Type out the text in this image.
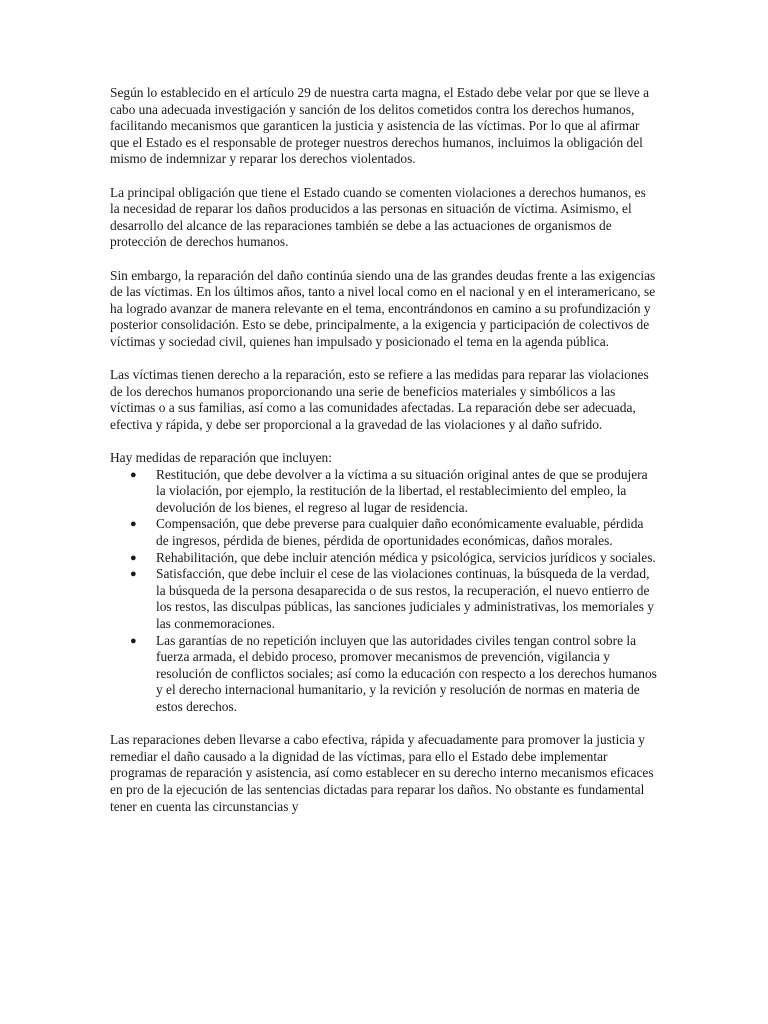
Según lo establecido en el artículo 29 de nuestra carta magna, el Estado debe velar por que se lleve a cabo una adecuada investigación y sanción de los delitos cometidos contra los derechos humanos, facilitando mecanismos que garanticen la justicia y asistencia de las víctimas. Por lo que al afirmar que el Estado es el responsable de proteger nuestros derechos humanos, incluimos la obligación del mismo de indemnizar y reparar los derechos violentados.

La principal obligación que tiene el Estado cuando se comenten violaciones a derechos humanos, es la necesidad de reparar los daños producidos a las personas en situación de víctima. Asimismo, el desarrollo del alcance de las reparaciones también se debe a las actuaciones de organismos de protección de derechos humanos.

Sin embargo, la reparación del daño continúa siendo una de las grandes deudas frente a las exigencias de las víctimas. En los últimos años, tanto a nivel local como en el nacional y en el interamericano, se ha logrado avanzar de manera relevante en el tema, encontrándonos en camino a su profundización y posterior consolidación. Esto se debe, principalmente, a la exigencia y participación de colectivos de víctimas y sociedad civil, quienes han impulsado y posicionado el tema en la agenda pública.

Las víctimas tienen derecho a la reparación, esto se refiere a las medidas para reparar las violaciones de los derechos humanos proporcionando una serie de beneficios materiales y simbólicos a las víctimas o a sus familias, así como a las comunidades afectadas. La reparación debe ser adecuada, efectiva y rápida, y debe ser proporcional a la gravedad de las violaciones y al daño sufrido.

Hay medidas de reparación que incluyen:

● Restitución, que debe devolver a la víctima a su situación original antes de que se produjera la violación, por ejemplo, la restitución de la libertad, el restablecimiento del empleo, la devolución de los bienes, el regreso al lugar de residencia.
● Compensación, que debe preverse para cualquier daño económicamente evaluable, pérdida de ingresos, pérdida de bienes, pérdida de oportunidades económicas, daños morales.
● Rehabilitación, que debe incluir atención médica y psicológica, servicios jurídicos y sociales.
● Satisfacción, que debe incluir el cese de las violaciones continuas, la búsqueda de la verdad, la búsqueda de la persona desaparecida o de sus restos, la recuperación, el nuevo entierro de los restos, las disculpas públicas, las sanciones judiciales y administrativas, los memoriales y las conmemoraciones.
● Las garantías de no repetición incluyen que las autoridades civiles tengan control sobre la fuerza armada, el debido proceso, promover mecanismos de prevención, vigilancia y resolución de conflictos sociales; así como la educación con respecto a los derechos humanos y el derecho internacional humanitario, y la revición y resolución de normas en materia de estos derechos.

Las reparaciones deben llevarse a cabo efectiva, rápida y afecuadamente para promover la justicia y remediar el daño causado a la dignidad de las víctimas, para ello el Estado debe implementar programas de reparación y asistencia, así como establecer en su derecho interno mecanismos eficaces en pro de la ejecución de las sentencias dictadas para reparar los daños. No obstante es fundamental tener en cuenta las circunstancias y
